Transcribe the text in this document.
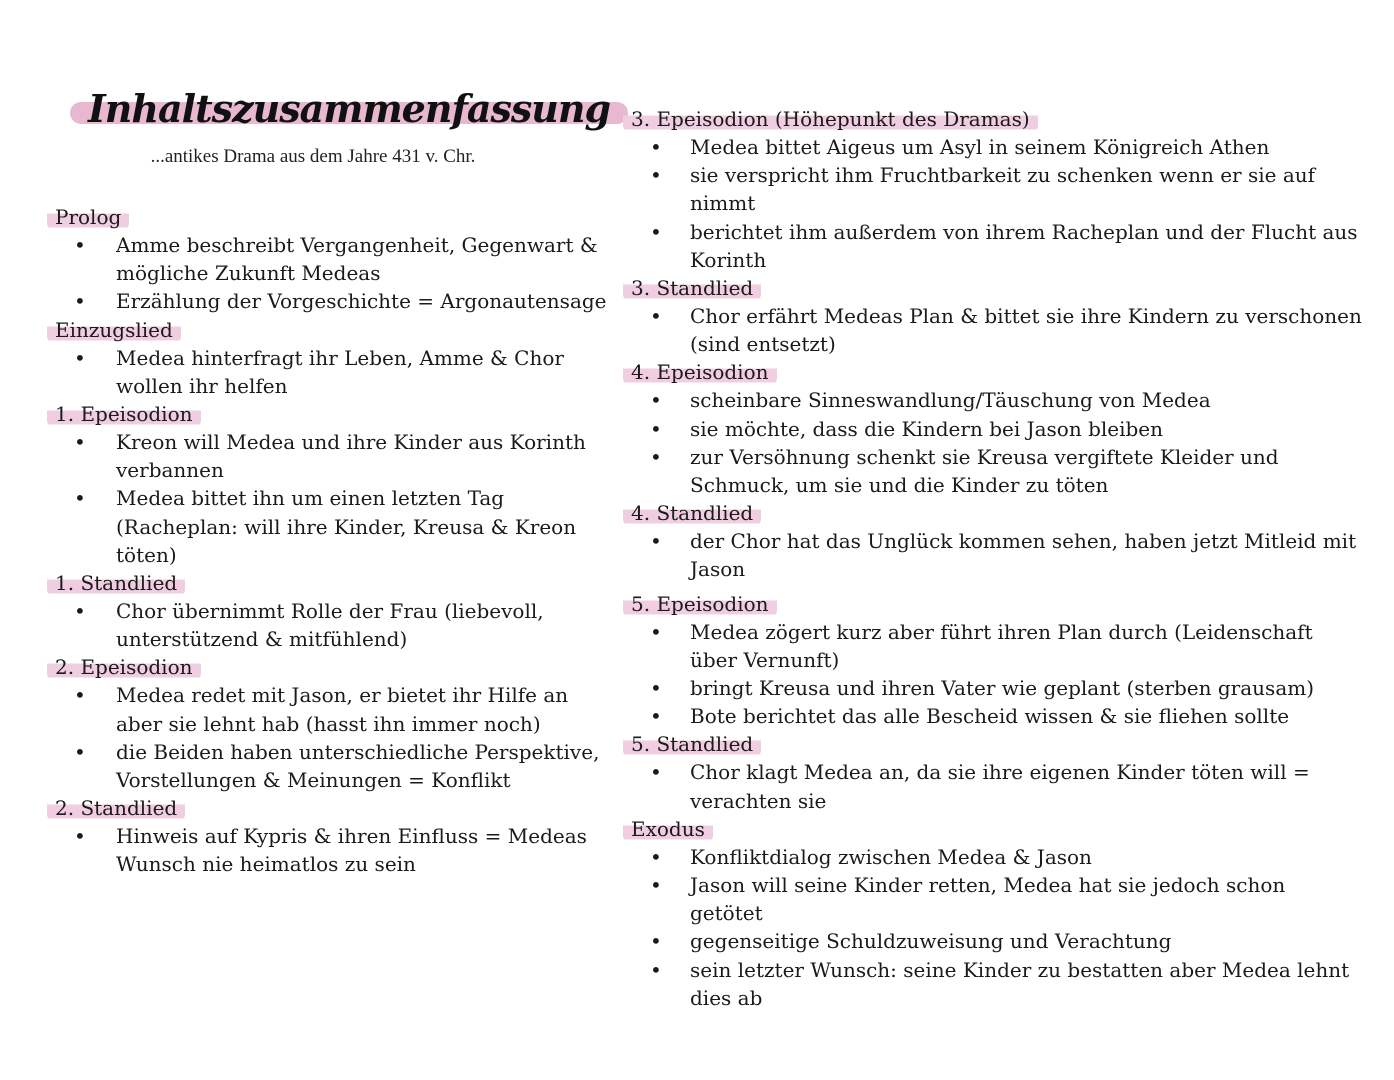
Inhaltszusammenfassung
...antikes Drama aus dem Jahre 431 v. Chr.
Prolog
• Amme beschreibt Vergangenheit, Gegenwart & mögliche Zukunft Medeas
• Erzählung der Vorgeschichte = Argonautensage
Einzugslied
• Medea hinterfragt ihr Leben, Amme & Chor wollen ihr helfen
1. Epeisodion
• Kreon will Medea und ihre Kinder aus Korinth verbannen
• Medea bittet ihn um einen letzten Tag (Racheplan: will ihre Kinder, Kreusa & Kreon töten)
1. Standlied
• Chor übernimmt Rolle der Frau (liebevoll, unterstützend & mitfühlend)
2. Epeisodion
• Medea redet mit Jason, er bietet ihr Hilfe an aber sie lehnt hab (hasst ihn immer noch)
• die Beiden haben unterschiedliche Perspektive, Vorstellungen & Meinungen = Konflikt
2. Standlied
• Hinweis auf Kypris & ihren Einfluss = Medeas Wunsch nie heimatlos zu sein
3. Epeisodion (Höhepunkt des Dramas)
• Medea bittet Aigeus um Asyl in seinem Königreich Athen
• sie verspricht ihm Fruchtbarkeit zu schenken wenn er sie auf nimmt
• berichtet ihm außerdem von ihrem Racheplan und der Flucht aus Korinth
3. Standlied
• Chor erfährt Medeas Plan & bittet sie ihre Kindern zu verschonen (sind entsetzt)
4. Epeisodion
• scheinbare Sinneswandlung/Täuschung von Medea
• sie möchte, dass die Kindern bei Jason bleiben
• zur Versöhnung schenkt sie Kreusa vergiftete Kleider und Schmuck, um sie und die Kinder zu töten
4. Standlied
• der Chor hat das Unglück kommen sehen, haben jetzt Mitleid mit Jason
5. Epeisodion
• Medea zögert kurz aber führt ihren Plan durch (Leidenschaft über Vernunft)
• bringt Kreusa und ihren Vater wie geplant (sterben grausam)
• Bote berichtet das alle Bescheid wissen & sie fliehen sollte
5. Standlied
• Chor klagt Medea an, da sie ihre eigenen Kinder töten will = verachten sie
Exodus
• Konfliktdialog zwischen Medea & Jason
• Jason will seine Kinder retten, Medea hat sie jedoch schon getötet
• gegenseitige Schuldzuweisung und Verachtung
• sein letzter Wunsch: seine Kinder zu bestatten aber Medea lehnt dies ab
